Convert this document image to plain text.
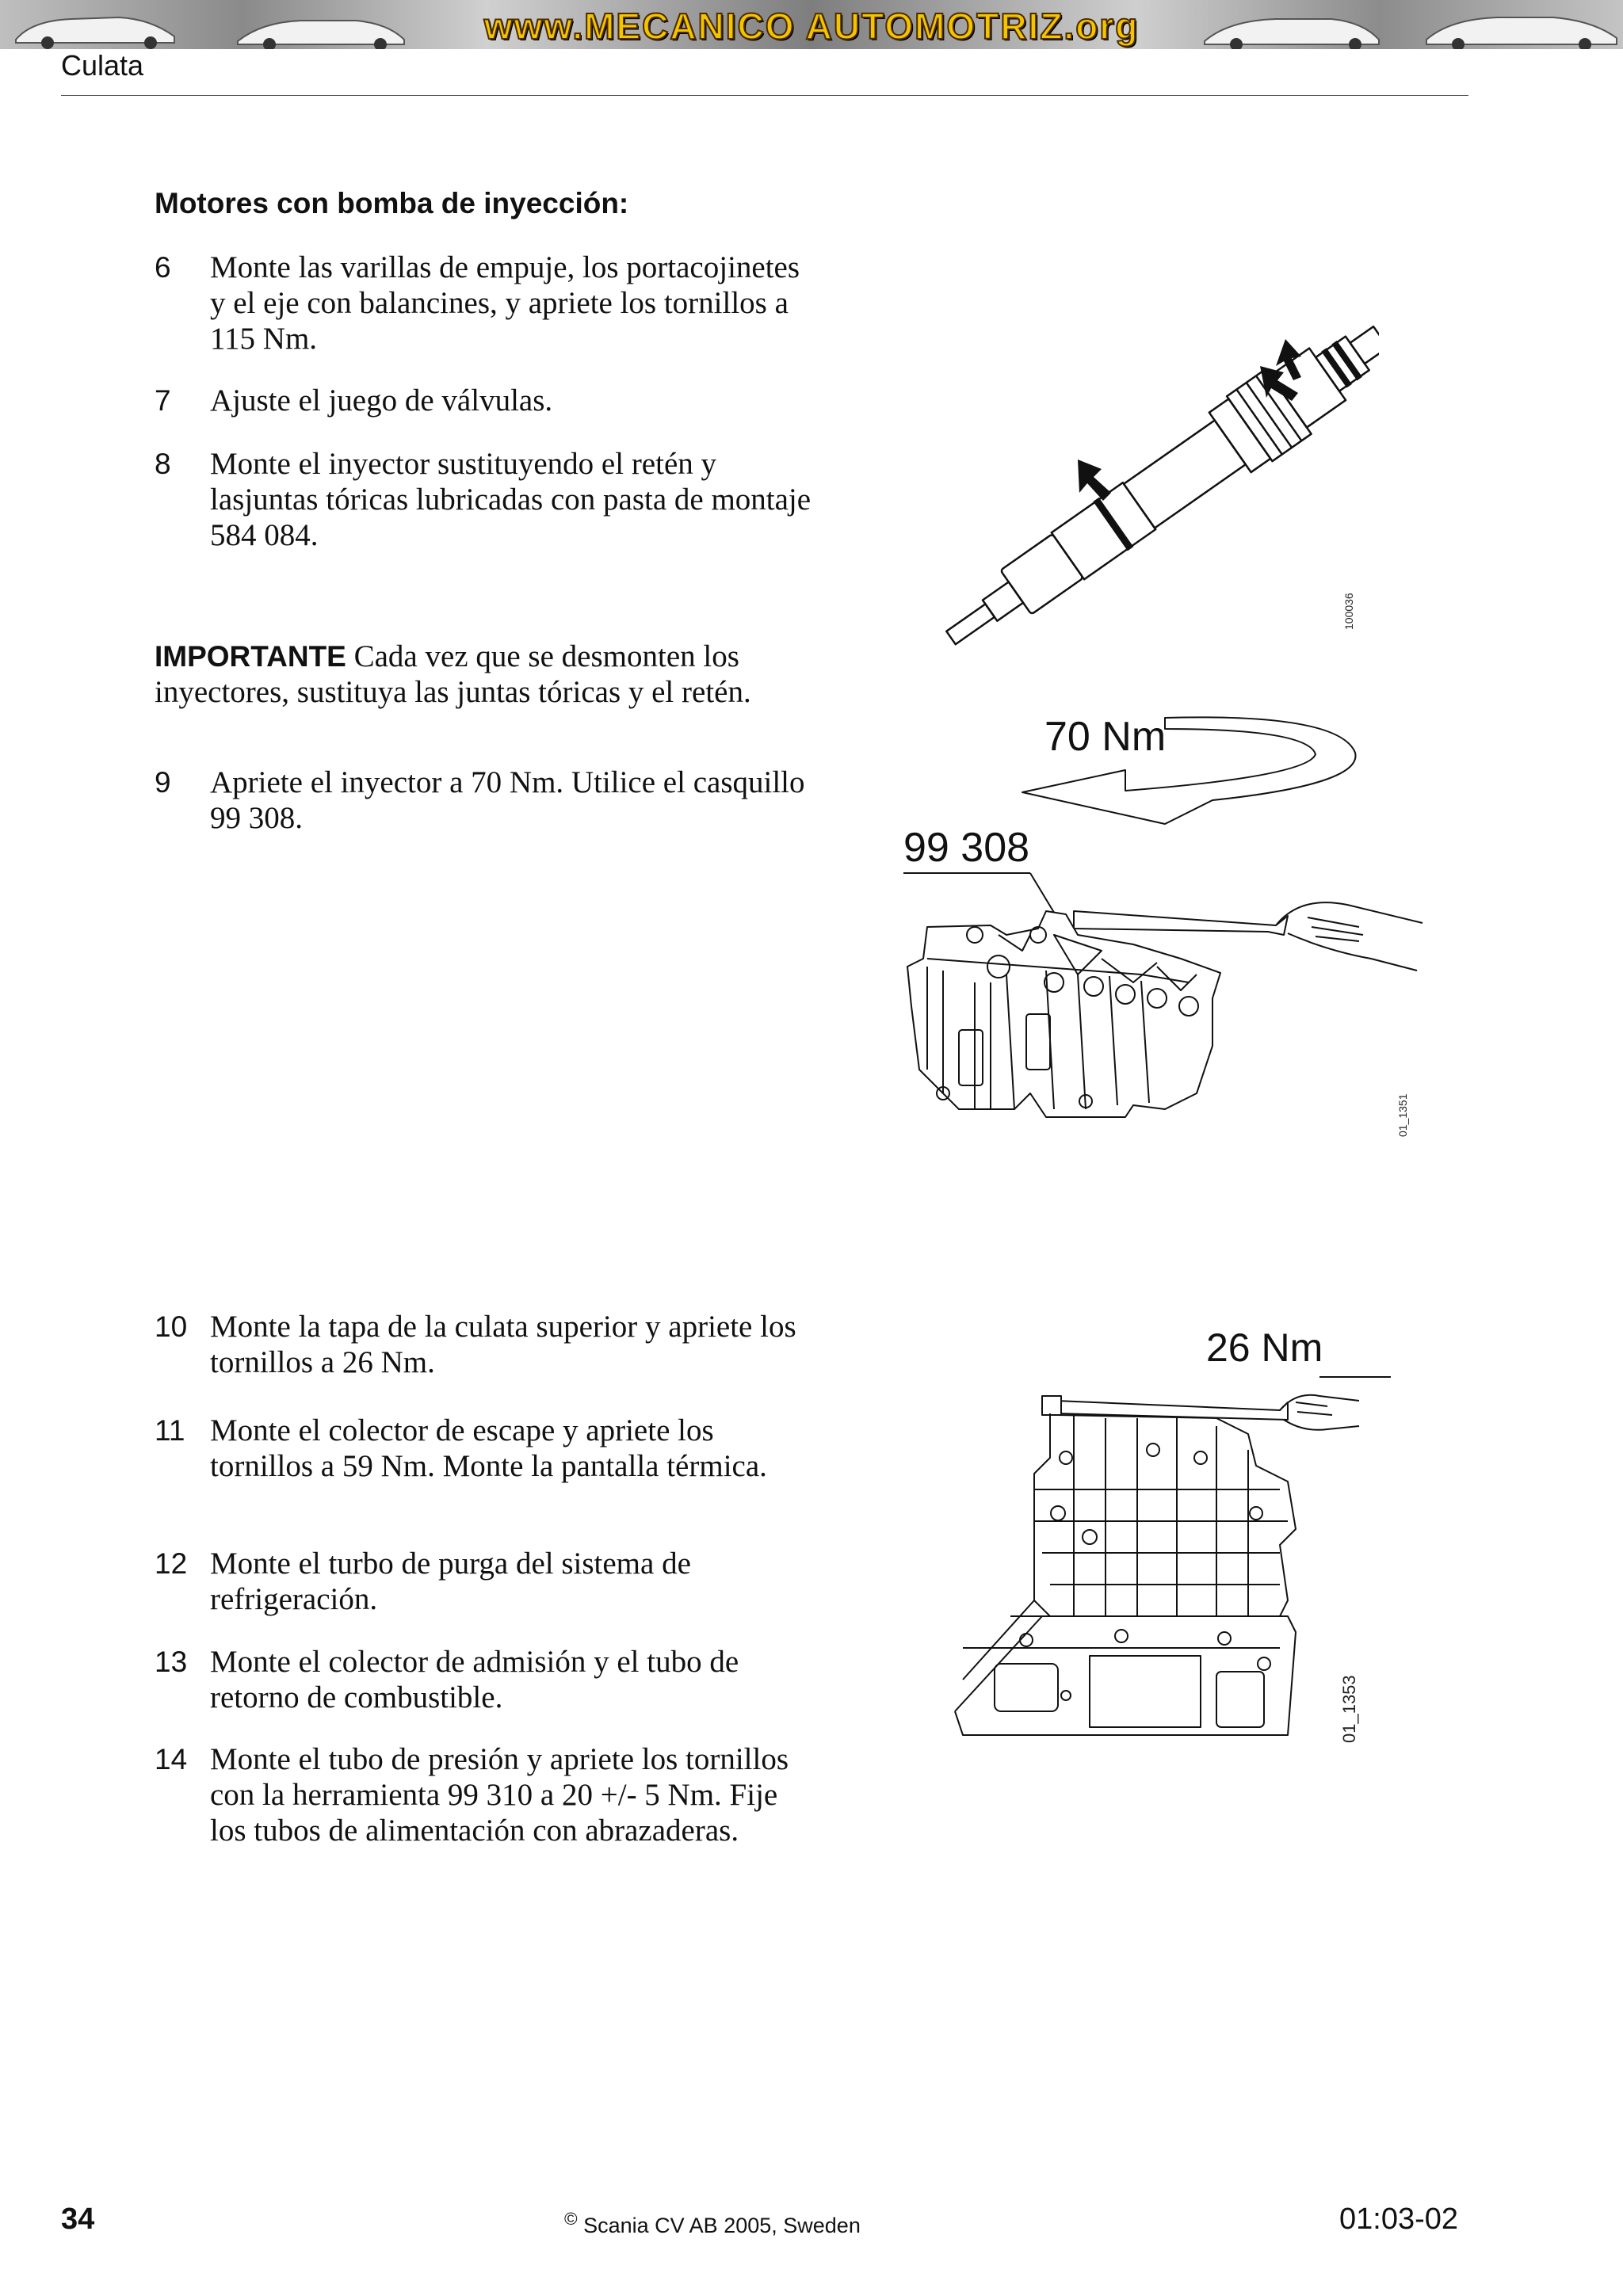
www.MECANICO AUTOMOTRIZ.org
Culata
Motores con bomba de inyección:
6 Monte las varillas de empuje, los portacojinetes y el eje con balancines, y apriete los tornillos a 115 Nm.
7 Ajuste el juego de válvulas.
8 Monte el inyector sustituyendo el retén y lasjuntas tóricas lubricadas con pasta de montaje 584 084.
IMPORTANTE Cada vez que se desmonten los inyectores, sustituya las juntas tóricas y el retén.
9 Apriete el inyector a 70 Nm. Utilice el casquillo 99 308.
10 Monte la tapa de la culata superior y apriete los tornillos a 26 Nm.
11 Monte el colector de escape y apriete los tornillos a 59 Nm. Monte la pantalla térmica.
12 Monte el turbo de purga del sistema de refrigeración.
13 Monte el colector de admisión y el tubo de retorno de combustible.
14 Monte el tubo de presión y apriete los tornillos con la herramienta 99 310 a 20 +/- 5 Nm. Fije los tubos de alimentación con abrazaderas.
100036
70 Nm
99 308
01_1351
26 Nm
01_1353
34	© Scania CV AB 2005, Sweden	01:03-02
